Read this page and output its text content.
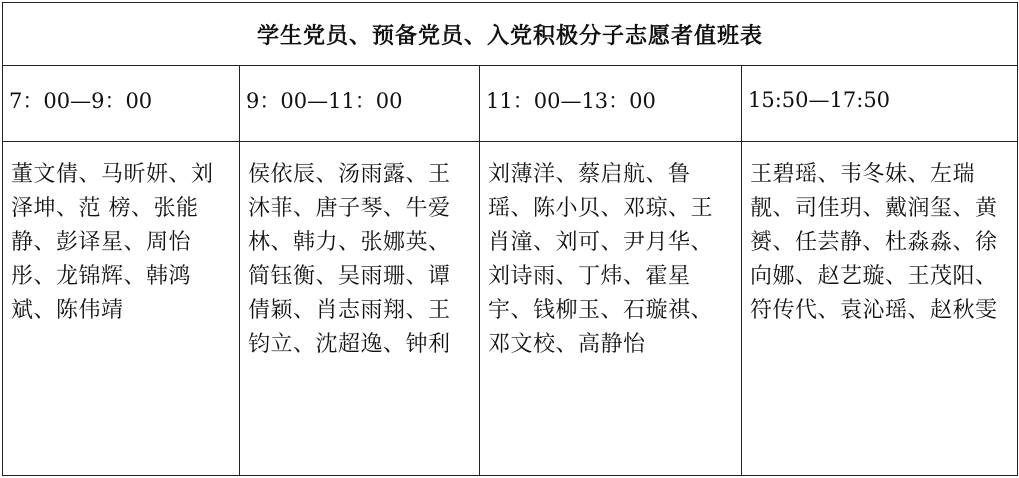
学生党员、预备党员、入党积极分子志愿者值班表			

7：00—9：00	9：00—11：00	11：00—13：00	15:50—17:50

董文倩、马昕妍、刘泽坤、范 榜、张能静、彭译星、周怡彤、龙锦辉、韩鸿斌、陈伟靖	侯依辰、汤雨露、王沐菲、唐子琴、牛爱林、韩力、张娜英、简钰衡、吴雨珊、谭倩颖、肖志雨翔、王钧立、沈超逸、钟利	刘薄洋、蔡启航、鲁瑶、陈小贝、邓琼、王肖潼、刘可、尹月华、刘诗雨、丁炜、霍星宇、钱柳玉、石璇祺、邓文校、高静怡	王碧瑶、韦冬妹、左瑞靓、司佳玥、戴润玺、黄赟、任芸静、杜淼淼、徐向娜、赵艺璇、王茂阳、符传代、袁沁瑶、赵秋雯
